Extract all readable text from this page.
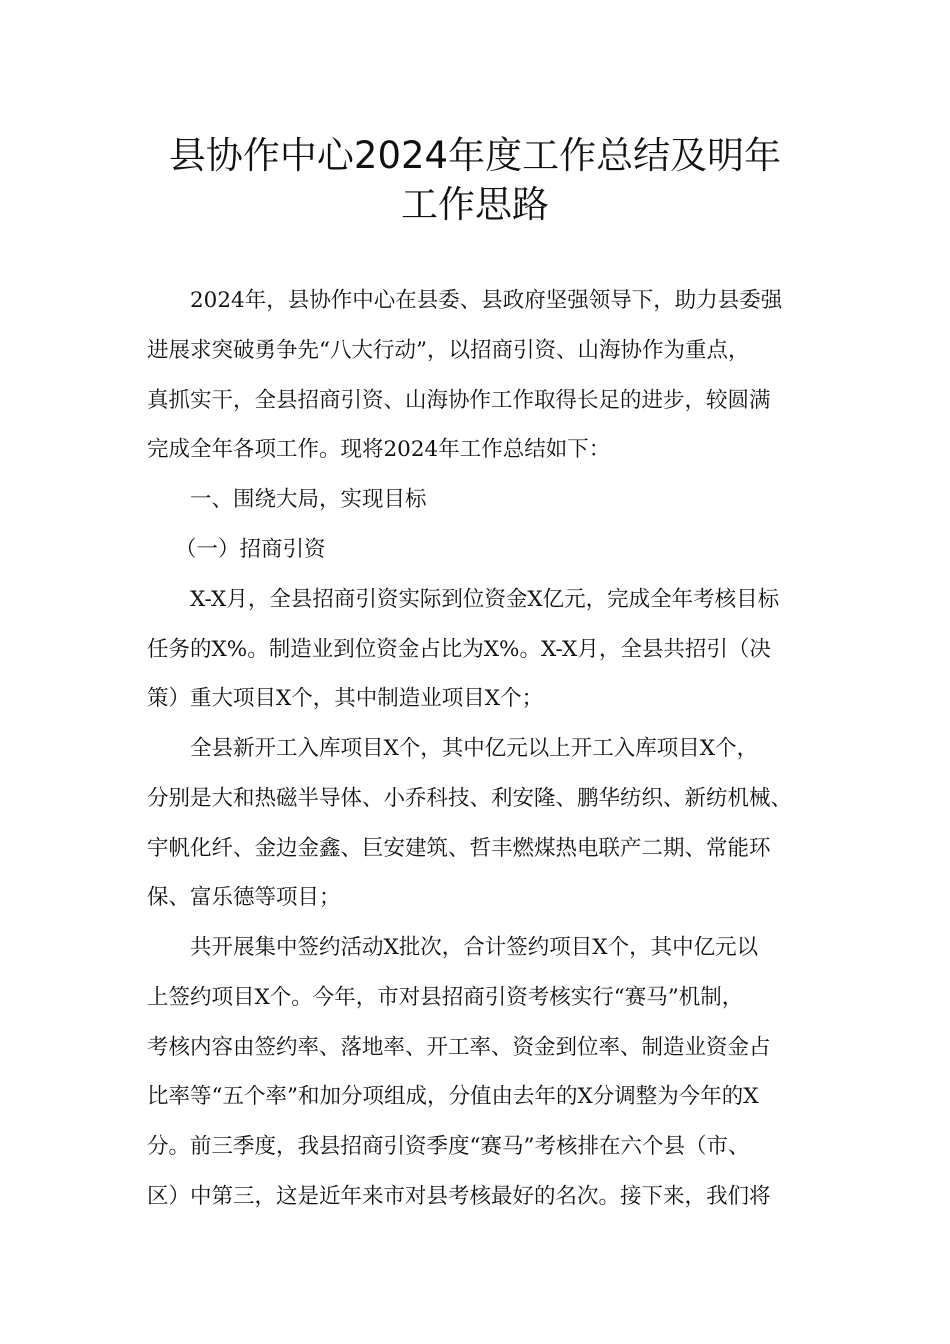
县协作中心2024年度工作总结及明年
工作思路

2024年，县协作中心在县委、县政府坚强领导下，助力县委强

进展求突破勇争先“八大行动”，以招商引资、山海协作为重点，

真抓实干，全县招商引资、山海协作工作取得长足的进步，较圆满

完成全年各项工作。现将2024年工作总结如下：

一、围绕大局，实现目标

（一）招商引资

X-X月，全县招商引资实际到位资金X亿元，完成全年考核目标

任务的X%。制造业到位资金占比为X%。X-X月，全县共招引（决

策）重大项目X个，其中制造业项目X个；

全县新开工入库项目X个，其中亿元以上开工入库项目X个，

分别是大和热磁半导体、小乔科技、利安隆、鹏华纺织、新纺机械、

宇帆化纤、金边金鑫、巨安建筑、哲丰燃煤热电联产二期、常能环

保、富乐德等项目；

共开展集中签约活动X批次，合计签约项目X个，其中亿元以

上签约项目X个。今年，市对县招商引资考核实行“赛马”机制，

考核内容由签约率、落地率、开工率、资金到位率、制造业资金占

比率等“五个率”和加分项组成，分值由去年的X分调整为今年的X

分。前三季度，我县招商引资季度“赛马”考核排在六个县（市、

区）中第三，这是近年来市对县考核最好的名次。接下来，我们将
